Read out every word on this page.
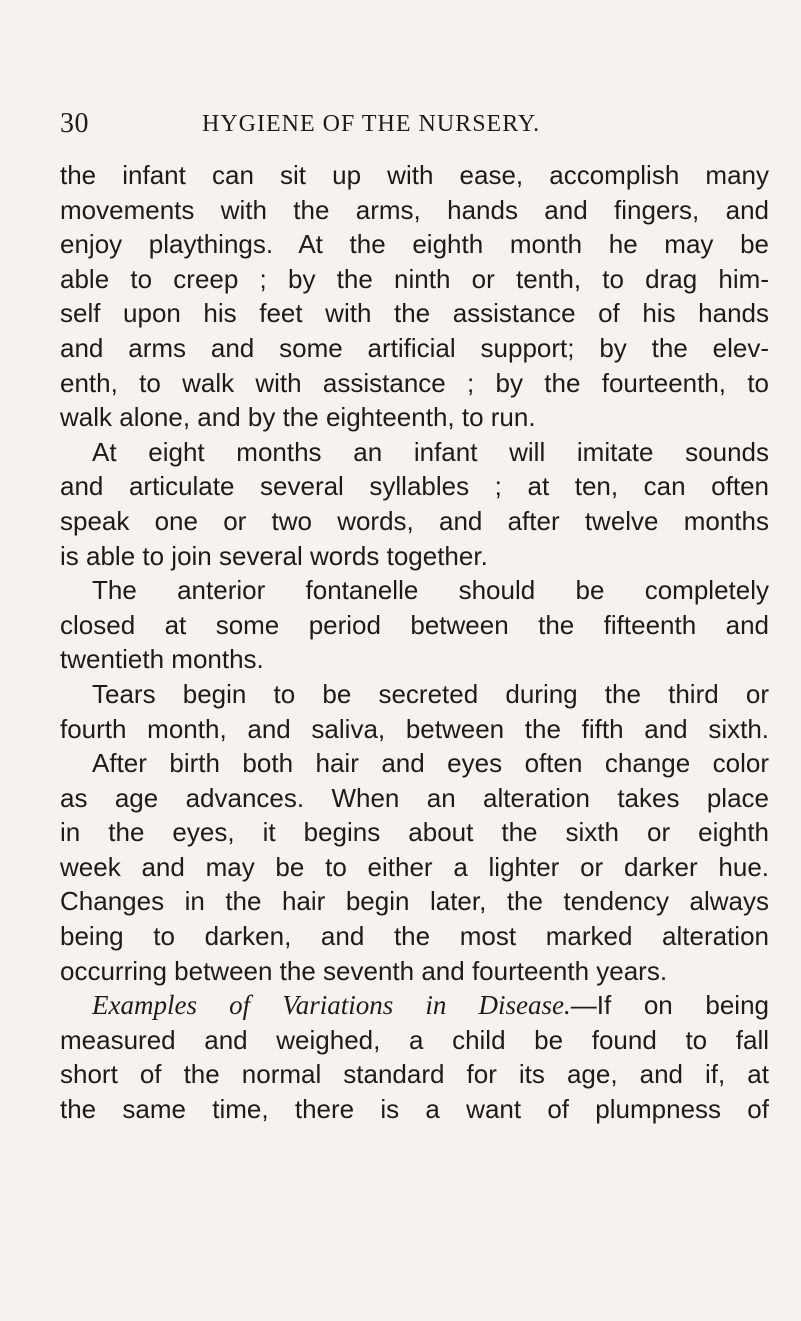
30	HYGIENE OF THE NURSERY.
the infant can sit up with ease, accomplish many
movements with the arms, hands and fingers, and
enjoy playthings. At the eighth month he may be
able to creep ; by the ninth or tenth, to drag him-
self upon his feet with the assistance of his hands
and arms and some artificial support; by the elev-
enth, to walk with assistance ; by the fourteenth, to
walk alone, and by the eighteenth, to run.
At eight months an infant will imitate sounds
and articulate several syllables ; at ten, can often
speak one or two words, and after twelve months
is able to join several words together.
The anterior fontanelle should be completely
closed at some period between the fifteenth and
twentieth months.
Tears begin to be secreted during the third or
fourth month, and saliva, between the fifth and sixth.
After birth both hair and eyes often change color
as age advances. When an alteration takes place
in the eyes, it begins about the sixth or eighth
week and may be to either a lighter or darker hue.
Changes in the hair begin later, the tendency always
being to darken, and the most marked alteration
occurring between the seventh and fourteenth years.
Examples of Variations in Disease.—If on being
measured and weighed, a child be found to fall
short of the normal standard for its age, and if, at
the same time, there is a want of plumpness of
